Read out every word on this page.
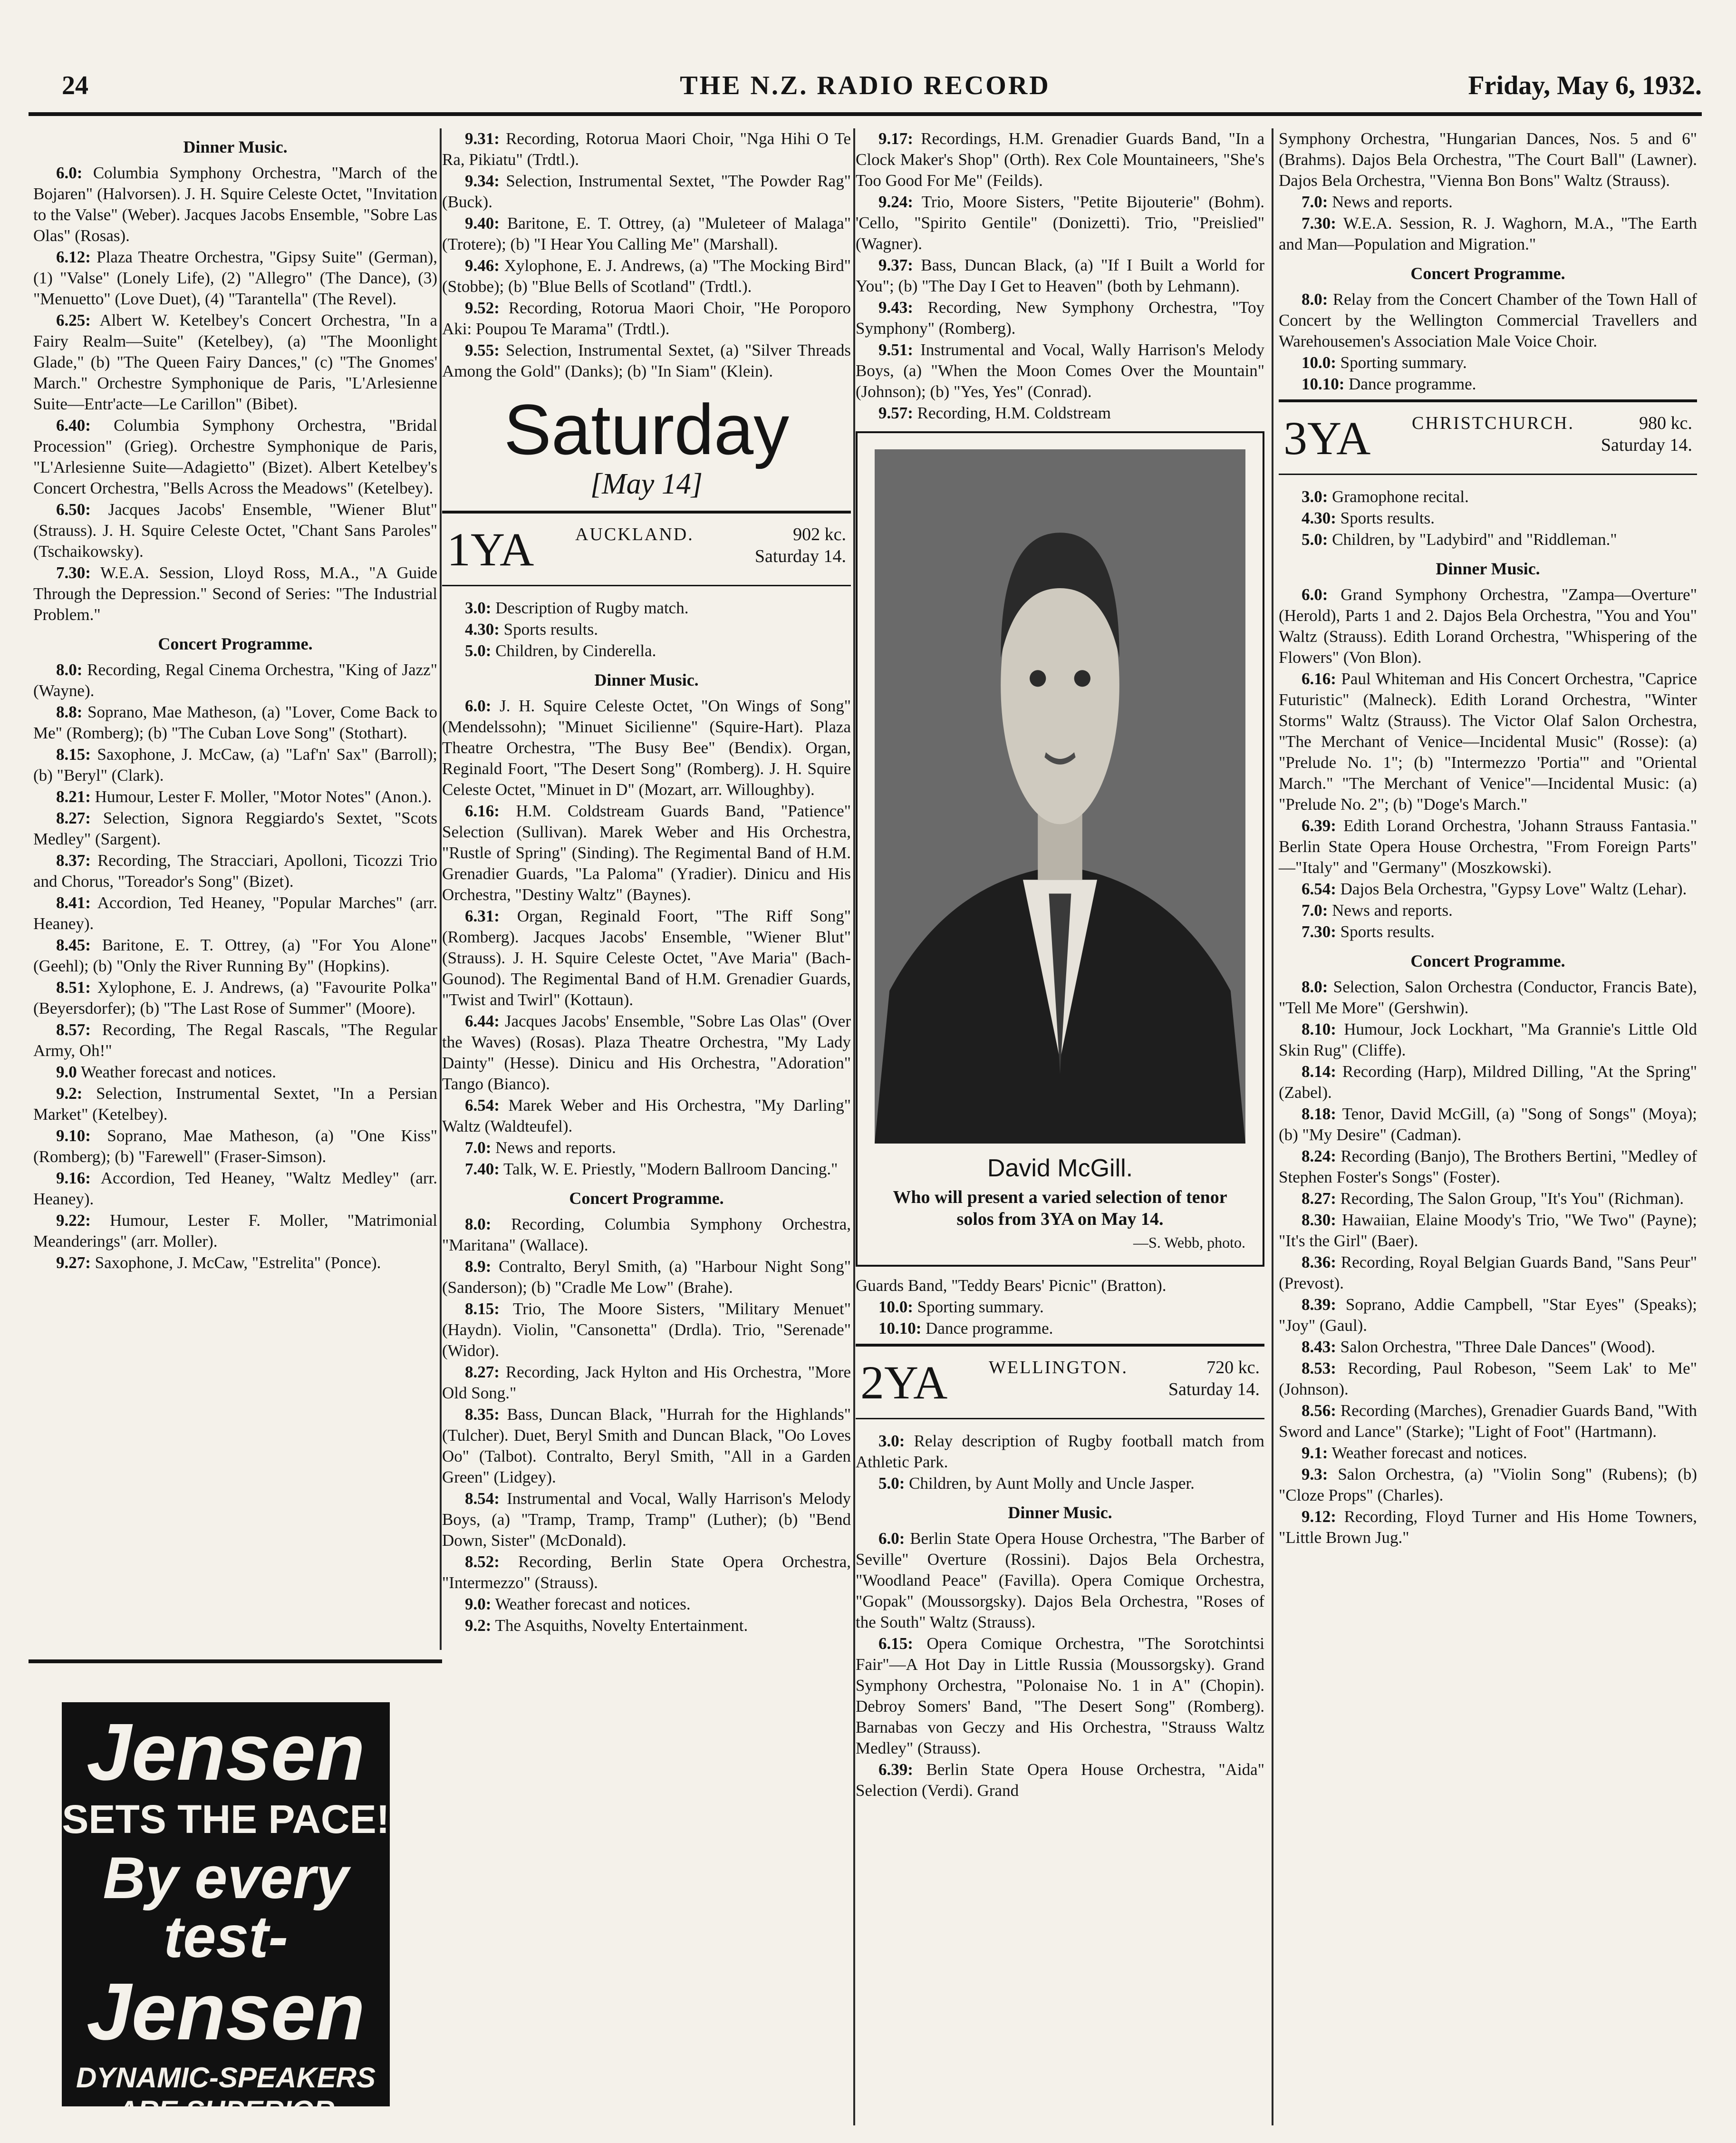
24	THE N.Z. RADIO RECORD	Friday, May 6, 1932.
Dinner Music.

6.0: Columbia Symphony Orchestra, "March of the Bojaren" (Halvorsen). J. H. Squire Celeste Octet, "Invitation to the Valse" (Weber). Jacques Jacobs Ensemble, "Sobre Las Olas" (Rosas).

6.12: Plaza Theatre Orchestra, "Gipsy Suite" (German), (1) "Valse" (Lonely Life), (2) "Allegro" (The Dance), (3) "Menuetto" (Love Duet), (4) "Tarantella" (The Revel).

6.25: Albert W. Ketelbey's Concert Orchestra, "In a Fairy Realm—Suite" (Ketelbey), (a) "The Moonlight Glade," (b) "The Queen Fairy Dances," (c) "The Gnomes' March." Orchestre Symphonique de Paris, "L'Arlesienne Suite—Entr'acte—Le Carillon" (Bibet).

6.40: Columbia Symphony Orchestra, "Bridal Procession" (Grieg). Orchestre Symphonique de Paris, "L'Arlesienne Suite—Adagietto" (Bizet). Albert Ketelbey's Concert Orchestra, "Bells Across the Meadows" (Ketelbey).

6.50: Jacques Jacobs' Ensemble, "Wiener Blut" (Strauss). J. H. Squire Celeste Octet, "Chant Sans Paroles" (Tschaikowsky).

7.30: W.E.A. Session, Lloyd Ross, M.A., "A Guide Through the Depression." Second of Series: "The Industrial Problem."

Concert Programme.

8.0: Recording, Regal Cinema Orchestra, "King of Jazz" (Wayne).

8.8: Soprano, Mae Matheson, (a) "Lover, Come Back to Me" (Romberg); (b) "The Cuban Love Song" (Stothart).

8.15: Saxophone, J. McCaw, (a) "Laf'n' Sax" (Barroll); (b) "Beryl" (Clark).

8.21: Humour, Lester F. Moller, "Motor Notes" (Anon.).

8.27: Selection, Signora Reggiardo's Sextet, "Scots Medley" (Sargent).

8.37: Recording, The Stracciari, Apolloni, Ticozzi Trio and Chorus, "Toreador's Song" (Bizet).

8.41: Accordion, Ted Heaney, "Popular Marches" (arr. Heaney).

8.45: Baritone, E. T. Ottrey, (a) "For You Alone" (Geehl); (b) "Only the River Running By" (Hopkins).

8.51: Xylophone, E. J. Andrews, (a) "Favourite Polka" (Beyersdorfer); (b) "The Last Rose of Summer" (Moore).

8.57: Recording, The Regal Rascals, "The Regular Army, Oh!"

9.0 Weather forecast and notices.

9.2: Selection, Instrumental Sextet, "In a Persian Market" (Ketelbey).

9.10: Soprano, Mae Matheson, (a) "One Kiss" (Romberg); (b) "Farewell" (Fraser-Simson).

9.16: Accordion, Ted Heaney, "Waltz Medley" (arr. Heaney).

9.22: Humour, Lester F. Moller, "Matrimonial Meanderings" (arr. Moller).

9.27: Saxophone, J. McCaw, "Estrelita" (Ponce).

Jensen
SETS THE PACE!
By every test-
Jensen
DYNAMIC-SPEAKERS
ARE SUPERIOR

9.31: Recording, Rotorua Maori Choir, "Nga Hihi O Te Ra, Pikiatu" (Trdtl.).

9.34: Selection, Instrumental Sextet, "The Powder Rag" (Buck).

9.40: Baritone, E. T. Ottrey, (a) "Muleteer of Malaga" (Trotere); (b) "I Hear You Calling Me" (Marshall).

9.46: Xylophone, E. J. Andrews, (a) "The Mocking Bird" (Stobbe); (b) "Blue Bells of Scotland" (Trdtl.).

9.52: Recording, Rotorua Maori Choir, "He Poroporo Aki: Poupou Te Marama" (Trdtl.).

9.55: Selection, Instrumental Sextet, (a) "Silver Threads Among the Gold" (Danks); (b) "In Siam" (Klein).

Saturday
[May 14]
1YA AUCKLAND.	902 kc.
Saturday 14.

3.0: Description of Rugby match.

4.30: Sports results.

5.0: Children, by Cinderella.

Dinner Music.

6.0: J. H. Squire Celeste Octet, "On Wings of Song" (Mendelssohn); "Minuet Sicilienne" (Squire-Hart). Plaza Theatre Orchestra, "The Busy Bee" (Bendix). Organ, Reginald Foort, "The Desert Song" (Romberg). J. H. Squire Celeste Octet, "Minuet in D" (Mozart, arr. Willoughby).

6.16: H.M. Coldstream Guards Band, "Patience" Selection (Sullivan). Marek Weber and His Orchestra, "Rustle of Spring" (Sinding). The Regimental Band of H.M. Grenadier Guards, "La Paloma" (Yradier). Dinicu and His Orchestra, "Destiny Waltz" (Baynes).

6.31: Organ, Reginald Foort, "The Riff Song" (Romberg). Jacques Jacobs' Ensemble, "Wiener Blut" (Strauss). J. H. Squire Celeste Octet, "Ave Maria" (Bach-Gounod). The Regimental Band of H.M. Grenadier Guards, "Twist and Twirl" (Kottaun).

6.44: Jacques Jacobs' Ensemble, "Sobre Las Olas" (Over the Waves) (Rosas). Plaza Theatre Orchestra, "My Lady Dainty" (Hesse). Dinicu and His Orchestra, "Adoration" Tango (Bianco).

6.54: Marek Weber and His Orchestra, "My Darling" Waltz (Waldteufel).

7.0: News and reports.

7.40: Talk, W. E. Priestly, "Modern Ballroom Dancing."

Concert Programme.

8.0: Recording, Columbia Symphony Orchestra, "Maritana" (Wallace).

8.9: Contralto, Beryl Smith, (a) "Harbour Night Song" (Sanderson); (b) "Cradle Me Low" (Brahe).

8.15: Trio, The Moore Sisters, "Military Menuet" (Haydn). Violin, "Cansonetta" (Drdla). Trio, "Serenade" (Widor).

8.27: Recording, Jack Hylton and His Orchestra, "More Old Song."

8.35: Bass, Duncan Black, "Hurrah for the Highlands" (Tulcher). Duet, Beryl Smith and Duncan Black, "Oo Loves Oo" (Talbot). Contralto, Beryl Smith, "All in a Garden Green" (Lidgey).

8.54: Instrumental and Vocal, Wally Harrison's Melody Boys, (a) "Tramp, Tramp, Tramp" (Luther); (b) "Bend Down, Sister" (McDonald).

8.52: Recording, Berlin State Opera Orchestra, "Intermezzo" (Strauss).

9.0: Weather forecast and notices.

9.2: The Asquiths, Novelty Entertainment.

9.17: Recordings, H.M. Grenadier Guards Band, "In a Clock Maker's Shop" (Orth). Rex Cole Mountaineers, "She's Too Good For Me" (Feilds).

9.24: Trio, Moore Sisters, "Petite Bijouterie" (Bohm). 'Cello, "Spirito Gentile" (Donizetti). Trio, "Preislied" (Wagner).

9.37: Bass, Duncan Black, (a) "If I Built a World for You"; (b) "The Day I Get to Heaven" (both by Lehmann).

9.43: Recording, New Symphony Orchestra, "Toy Symphony" (Romberg).

9.51: Instrumental and Vocal, Wally Harrison's Melody Boys, (a) "When the Moon Comes Over the Mountain" (Johnson); (b) "Yes, Yes" (Conrad).

9.57: Recording, H.M. Coldstream

David McGill.
Who will present a varied selection of tenor solos from 3YA on May 14.
—S. Webb, photo.

Guards Band, "Teddy Bears' Picnic" (Bratton).

10.0: Sporting summary.

10.10: Dance programme.

2YA WELLINGTON.	720 kc.
Saturday 14.

3.0: Relay description of Rugby football match from Athletic Park.

5.0: Children, by Aunt Molly and Uncle Jasper.

Dinner Music.

6.0: Berlin State Opera House Orchestra, "The Barber of Seville" Overture (Rossini). Dajos Bela Orchestra, "Woodland Peace" (Favilla). Opera Comique Orchestra, "Gopak" (Moussorgsky). Dajos Bela Orchestra, "Roses of the South" Waltz (Strauss).

6.15: Opera Comique Orchestra, "The Sorotchintsi Fair"—A Hot Day in Little Russia (Moussorgsky). Grand Symphony Orchestra, "Polonaise No. 1 in A" (Chopin). Debroy Somers' Band, "The Desert Song" (Romberg). Barnabas von Geczy and His Orchestra, "Strauss Waltz Medley" (Strauss).

6.39: Berlin State Opera House Orchestra, "Aida" Selection (Verdi). Grand

Symphony Orchestra, "Hungarian Dances, Nos. 5 and 6" (Brahms). Dajos Bela Orchestra, "The Court Ball" (Lawner). Dajos Bela Orchestra, "Vienna Bon Bons" Waltz (Strauss).

7.0: News and reports.

7.30: W.E.A. Session, R. J. Waghorn, M.A., "The Earth and Man—Population and Migration."

Concert Programme.

8.0: Relay from the Concert Chamber of the Town Hall of Concert by the Wellington Commercial Travellers and Warehousemen's Association Male Voice Choir.

10.0: Sporting summary.

10.10: Dance programme.

3YA CHRISTCHURCH.	980 kc.
Saturday 14.

3.0: Gramophone recital.

4.30: Sports results.

5.0: Children, by "Ladybird" and "Riddleman."

Dinner Music.

6.0: Grand Symphony Orchestra, "Zampa—Overture" (Herold), Parts 1 and 2. Dajos Bela Orchestra, "You and You" Waltz (Strauss). Edith Lorand Orchestra, "Whispering of the Flowers" (Von Blon).

6.16: Paul Whiteman and His Concert Orchestra, "Caprice Futuristic" (Malneck). Edith Lorand Orchestra, "Winter Storms" Waltz (Strauss). The Victor Olaf Salon Orchestra, "The Merchant of Venice—Incidental Music" (Rosse): (a) "Prelude No. 1"; (b) "Intermezzo 'Portia'" and "Oriental March." "The Merchant of Venice"—Incidental Music: (a) "Prelude No. 2"; (b) "Doge's March."

6.39: Edith Lorand Orchestra, 'Johann Strauss Fantasia." Berlin State Opera House Orchestra, "From Foreign Parts" —"Italy" and "Germany" (Moszkowski).

6.54: Dajos Bela Orchestra, "Gypsy Love" Waltz (Lehar).

7.0: News and reports.

7.30: Sports results.

Concert Programme.

8.0: Selection, Salon Orchestra (Conductor, Francis Bate), "Tell Me More" (Gershwin).

8.10: Humour, Jock Lockhart, "Ma Grannie's Little Old Skin Rug" (Cliffe).

8.14: Recording (Harp), Mildred Dilling, "At the Spring" (Zabel).

8.18: Tenor, David McGill, (a) "Song of Songs" (Moya); (b) "My Desire" (Cadman).

8.24: Recording (Banjo), The Brothers Bertini, "Medley of Stephen Foster's Songs" (Foster).

8.27: Recording, The Salon Group, "It's You" (Richman).

8.30: Hawaiian, Elaine Moody's Trio, "We Two" (Payne); "It's the Girl" (Baer).

8.36: Recording, Royal Belgian Guards Band, "Sans Peur" (Prevost).

8.39: Soprano, Addie Campbell, "Star Eyes" (Speaks); "Joy" (Gaul).

8.43: Salon Orchestra, "Three Dale Dances" (Wood).

8.53: Recording, Paul Robeson, "Seem Lak' to Me" (Johnson).

8.56: Recording (Marches), Grenadier Guards Band, "With Sword and Lance" (Starke); "Light of Foot" (Hartmann).

9.1: Weather forecast and notices.

9.3: Salon Orchestra, (a) "Violin Song" (Rubens); (b) "Cloze Props" (Charles).

9.12: Recording, Floyd Turner and His Home Towners, "Little Brown Jug."
